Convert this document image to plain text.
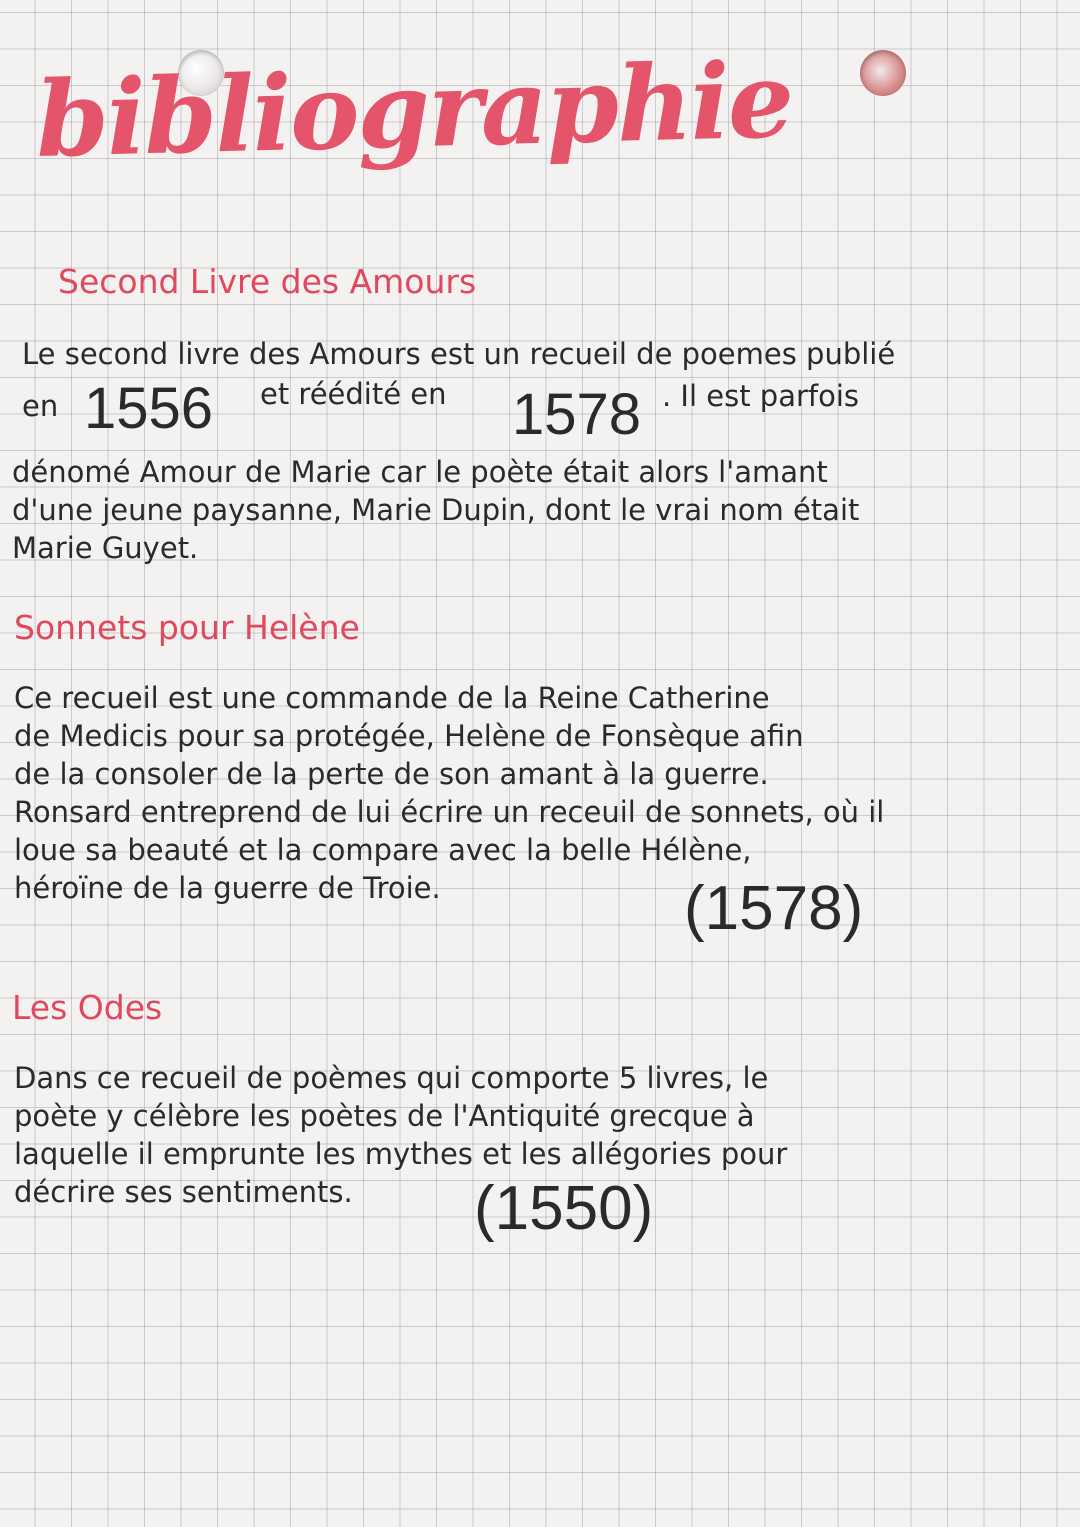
bibliographie
Second Livre des Amours

Le second livre des Amours est un recueil de poemes publié

en 1556 et réédité en 1578 . Il est parfois

dénomé Amour de Marie car le poète était alors l'amant

d'une jeune paysanne, Marie Dupin, dont le vrai nom était

Marie Guyet.

Sonnets pour Helène

Ce recueil est une commande de la Reine Catherine

de Medicis pour sa protégée, Helène de Fonsèque afin

de la consoler de la perte de son amant à la guerre.

Ronsard entreprend de lui écrire un receuil de sonnets, où il

loue sa beauté et la compare avec la belle Hélène,

héroïne de la guerre de Troie.	(1578)

Les Odes

Dans ce recueil de poèmes qui comporte 5 livres, le

poète y célèbre les poètes de l'Antiquité grecque à

laquelle il emprunte les mythes et les allégories pour

décrire ses sentiments. (1550)
